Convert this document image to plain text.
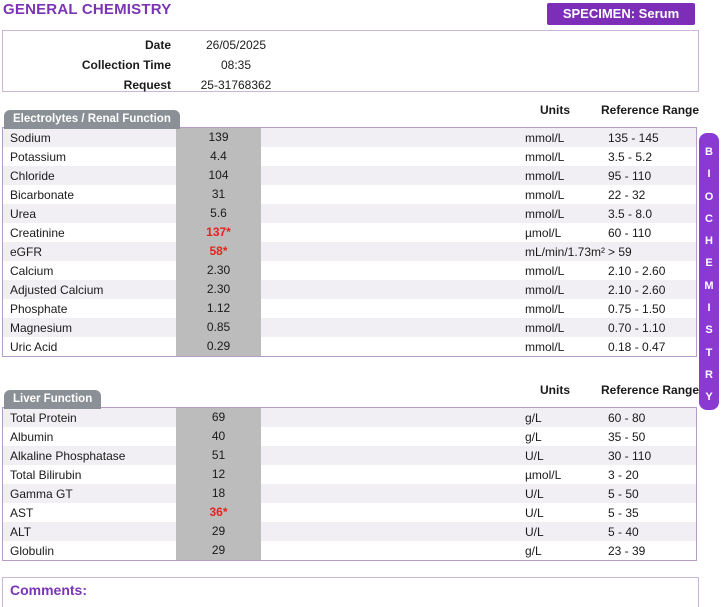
GENERAL CHEMISTRY	SPECIMEN: Serum
Date	26/05/2025
Collection Time	08:35
Request	25-31768362
Units	Reference Range
Electrolytes / Renal Function
Sodium	139	mmol/L	135 - 145
Potassium	4.4	mmol/L	3.5 - 5.2
Chloride	104	mmol/L	95 - 110
Bicarbonate	31	mmol/L	22 - 32
Urea	5.6	mmol/L	3.5 - 8.0
Creatinine	137*	µmol/L	60 - 110
eGFR	58*	mL/min/1.73m² > 59
Calcium	2.30	mmol/L	2.10 - 2.60
Adjusted Calcium	2.30	mmol/L	2.10 - 2.60
Phosphate	1.12	mmol/L	0.75 - 1.50
Magnesium	0.85	mmol/L	0.70 - 1.10
Uric Acid	0.29	mmol/L	0.18 - 0.47
Units	Reference Range
Liver Function
Total Protein	69	g/L	60 - 80
Albumin	40	g/L	35 - 50
Alkaline Phosphatase	51	U/L	30 - 110
Total Bilirubin	12	µmol/L	3 - 20
Gamma GT	18	U/L	5 - 50
AST	36*	U/L	5 - 35
ALT	29	U/L	5 - 40
Globulin	29	g/L	23 - 39
B
I
O
C
H
E
M
I
S
T
R
Y
Comments:
